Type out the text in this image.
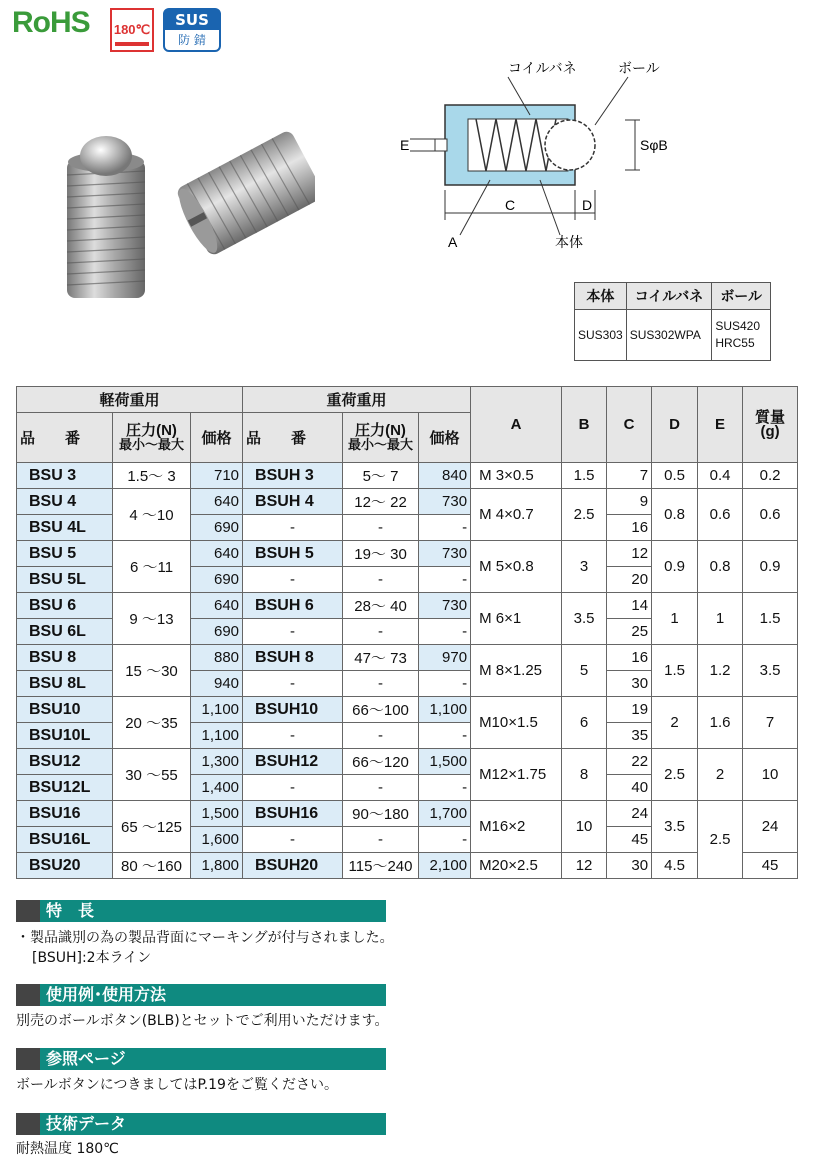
RoHS 180℃
SUS
防 錆
コイルバネ	ボール
E	SφB
C	D
A	本体
本体	コイルバネ	ボール
SUS303	SUS302WPA	SUS420
HRC55
軽荷重用			重荷重用			A	B	C	D	E	質量
(g)

品　　番	圧力(N)
最小～最大	価格	品　　番	圧力(N)
最小～最大	価格						
BSU 3	1.5～ 3	710	BSUH 3	5～ 7	840	M 3×0.5	1.5	7	0.5	0.4	0.2
BSU 4	4 ～10	640	BSUH 4	12～ 22	730	M 4×0.7	2.5	9	0.8	0.6	0.6
BSU 4L		690	-	-	-			16			
BSU 5	6 ～11	640	BSUH 5	19～ 30	730	M 5×0.8	3	12	0.9	0.8	0.9
BSU 5L		690	-	-	-			20			
BSU 6	9 ～13	640	BSUH 6	28～ 40	730	M 6×1	3.5	14	1	1	1.5
BSU 6L		690	-	-	-			25			
BSU 8	15 ～30	880	BSUH 8	47～ 73	970	M 8×1.25	5	16	1.5	1.2	3.5
BSU 8L		940	-	-	-			30			
BSU10	20 ～35	1,100	BSUH10	66～100	1,100	M10×1.5	6	19	2	1.6	7
BSU10L		1,100	-	-	-			35			
BSU12	30 ～55	1,300	BSUH12	66～120	1,500	M12×1.75	8	22	2.5	2	10
BSU12L		1,400	-	-	-			40			
BSU16	65 ～125	1,500	BSUH16	90～180	1,700	M16×2	10	24	3.5	2.5	24
BSU16L		1,600	-	-	-			45			
BSU20	80 ～160	1,800	BSUH20	115～240	2,100	M20×2.5	12	30	4.5		45
特　長
・製品識別の為の製品背面にマーキングが付与されました。
[BSUH]:2本ライン
使用例･使用方法
別売のボールボタン(BLB)とセットでご利用いただけます。
参照ページ
ボールボタンにつきましてはP.19をご覧ください。
技術データ
耐熱温度 180℃
